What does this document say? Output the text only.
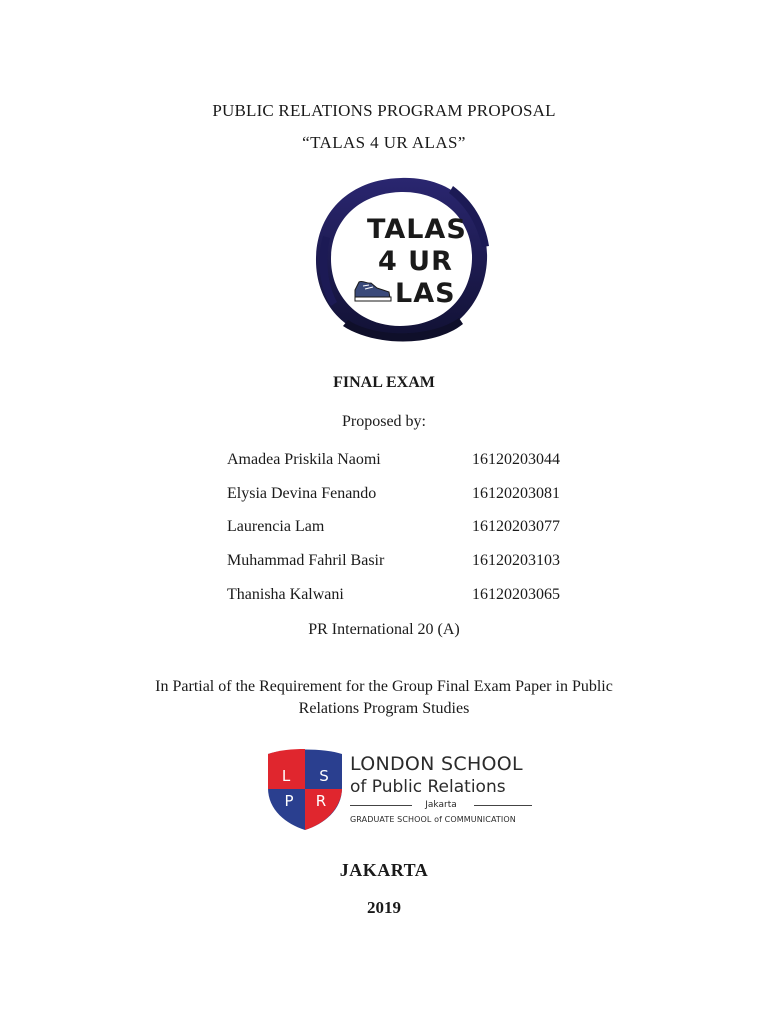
PUBLIC RELATIONS PROGRAM PROPOSAL
“TALAS 4 UR ALAS”
TALAS
4 UR
LAS
FINAL EXAM
Proposed by:
Amadea Priskila Naomi	16120203044
Elysia Devina Fenando	16120203081
Laurencia Lam	16120203077
Muhammad Fahril Basir	16120203103
Thanisha Kalwani	16120203065
PR International 20 (A)
In Partial of the Requirement for the Group Final Exam Paper in Public
Relations Program Studies
L S
P R
LONDON SCHOOL
of Public Relations
Jakarta
GRADUATE SCHOOL of COMMUNICATION
JAKARTA
2019
